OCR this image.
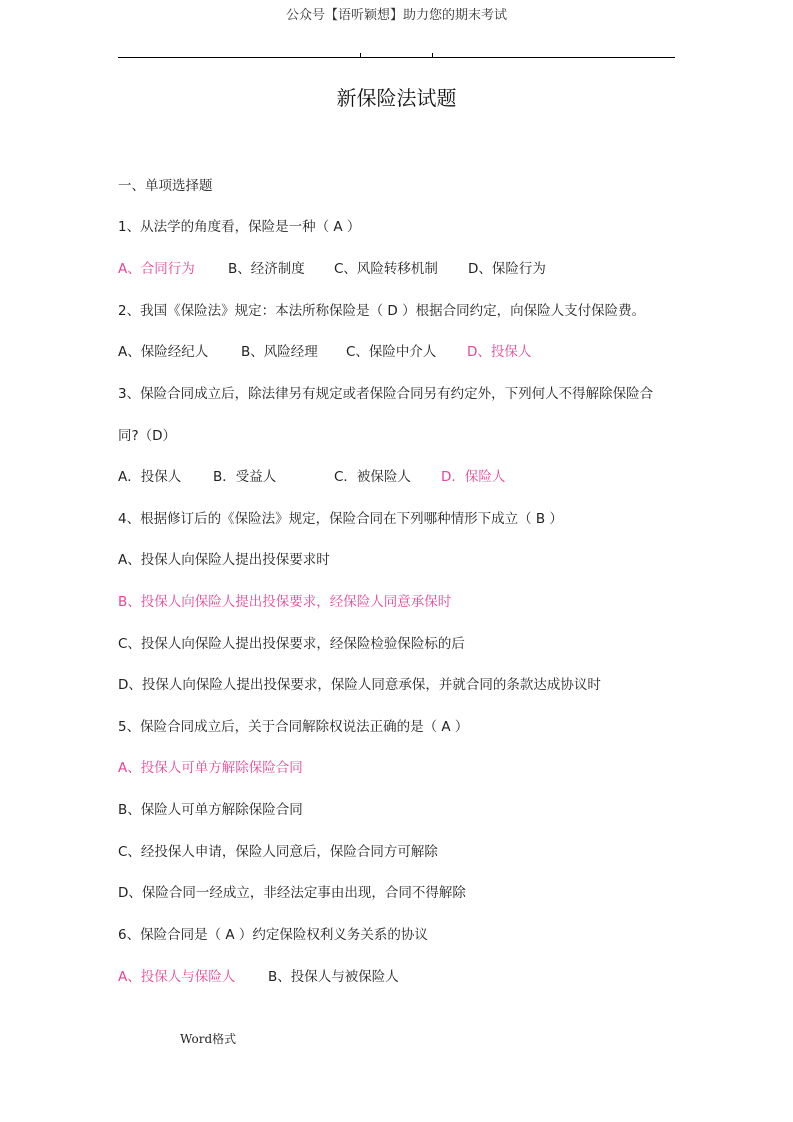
公众号【语听颖想】助力您的期末考试
新保险法试题
一、单项选择题
1、从法学的角度看，保险是一种（ A ）
A、合同行为 B、经济制度 C、风险转移机制 D、保险行为
2、我国《保险法》规定：本法所称保险是（ D ）根据合同约定，向保险人支付保险费。
A、保险经纪人 B、风险经理 C、保险中介人 D、投保人
3、保险合同成立后，除法律另有规定或者保险合同另有约定外，下列何人不得解除保险合
同?（D）
A．投保人 B．受益人	C．被保险人 D．保险人
4、根据修订后的《保险法》规定，保险合同在下列哪种情形下成立（ B ）
A、投保人向保险人提出投保要求时
B、投保人向保险人提出投保要求，经保险人同意承保时
C、投保人向保险人提出投保要求，经保险检验保险标的后
D、投保人向保险人提出投保要求，保险人同意承保，并就合同的条款达成协议时
5、保险合同成立后，关于合同解除权说法正确的是（ A ）
A、投保人可单方解除保险合同
B、保险人可单方解除保险合同
C、经投保人申请，保险人同意后，保险合同方可解除
D、保险合同一经成立，非经法定事由出现，合同不得解除
6、保险合同是（ A ）约定保险权利义务关系的协议
A、投保人与保险人 B、投保人与被保险人
Word格式
